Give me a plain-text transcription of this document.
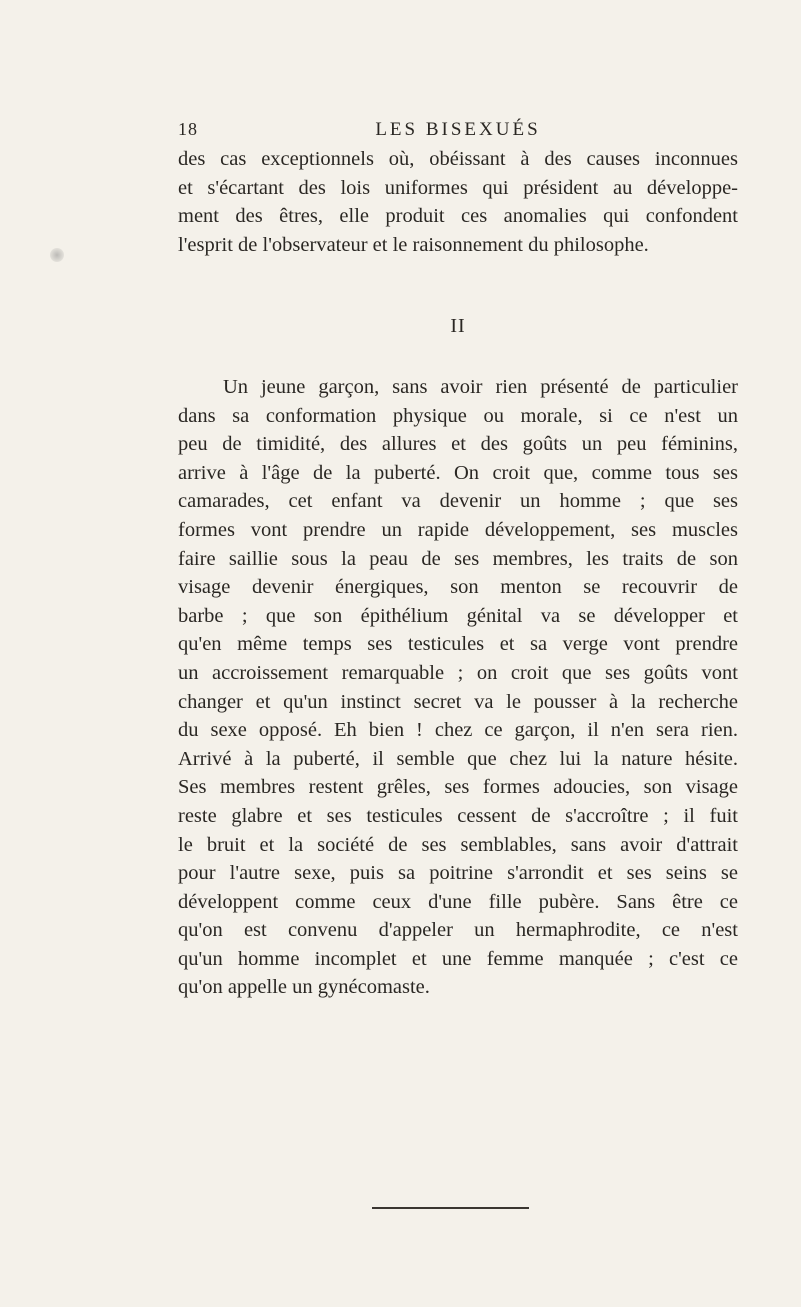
18	LES BISEXUÉS
des cas exceptionnels où, obéissant à des causes inconnues
et s'écartant des lois uniformes qui président au développe-
ment des êtres, elle produit ces anomalies qui confondent
l'esprit de l'observateur et le raisonnement du philosophe.
II
Un jeune garçon, sans avoir rien présenté de particulier
dans sa conformation physique ou morale, si ce n'est un
peu de timidité, des allures et des goûts un peu féminins,
arrive à l'âge de la puberté. On croit que, comme tous ses
camarades, cet enfant va devenir un homme ; que ses
formes vont prendre un rapide développement, ses muscles
faire saillie sous la peau de ses membres, les traits de son
visage devenir énergiques, son menton se recouvrir de
barbe ; que son épithélium génital va se développer et
qu'en même temps ses testicules et sa verge vont prendre
un accroissement remarquable ; on croit que ses goûts vont
changer et qu'un instinct secret va le pousser à la recherche
du sexe opposé. Eh bien ! chez ce garçon, il n'en sera rien.
Arrivé à la puberté, il semble que chez lui la nature hésite.
Ses membres restent grêles, ses formes adoucies, son visage
reste glabre et ses testicules cessent de s'accroître ; il fuit
le bruit et la société de ses semblables, sans avoir d'attrait
pour l'autre sexe, puis sa poitrine s'arrondit et ses seins se
développent comme ceux d'une fille pubère. Sans être ce
qu'on est convenu d'appeler un hermaphrodite, ce n'est
qu'un homme incomplet et une femme manquée ; c'est ce
qu'on appelle un gynécomaste.
